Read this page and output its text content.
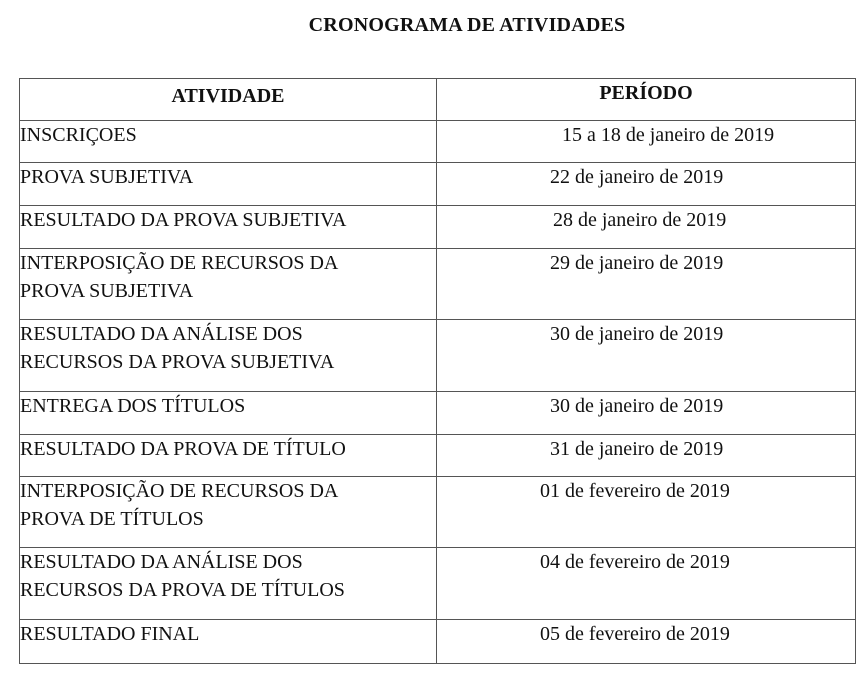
CRONOGRAMA DE ATIVIDADES
ATIVIDADE	PERÍODO

INSCRIÇOES	15 a 18 de janeiro de 2019

PROVA SUBJETIVA	22 de janeiro de 2019

RESULTADO DA PROVA SUBJETIVA	28 de janeiro de 2019

INTERPOSIÇÃO DE RECURSOS DA
PROVA SUBJETIVA	29 de janeiro de 2019

RESULTADO DA ANÁLISE DOS
RECURSOS DA PROVA SUBJETIVA	30 de janeiro de 2019

ENTREGA DOS TÍTULOS	30 de janeiro de 2019

RESULTADO DA PROVA DE TÍTULO	31 de janeiro de 2019

INTERPOSIÇÃO DE RECURSOS DA
PROVA DE TÍTULOS	01 de fevereiro de 2019

RESULTADO DA ANÁLISE DOS
RECURSOS DA PROVA DE TÍTULOS	04 de fevereiro de 2019

RESULTADO FINAL	05 de fevereiro de 2019
